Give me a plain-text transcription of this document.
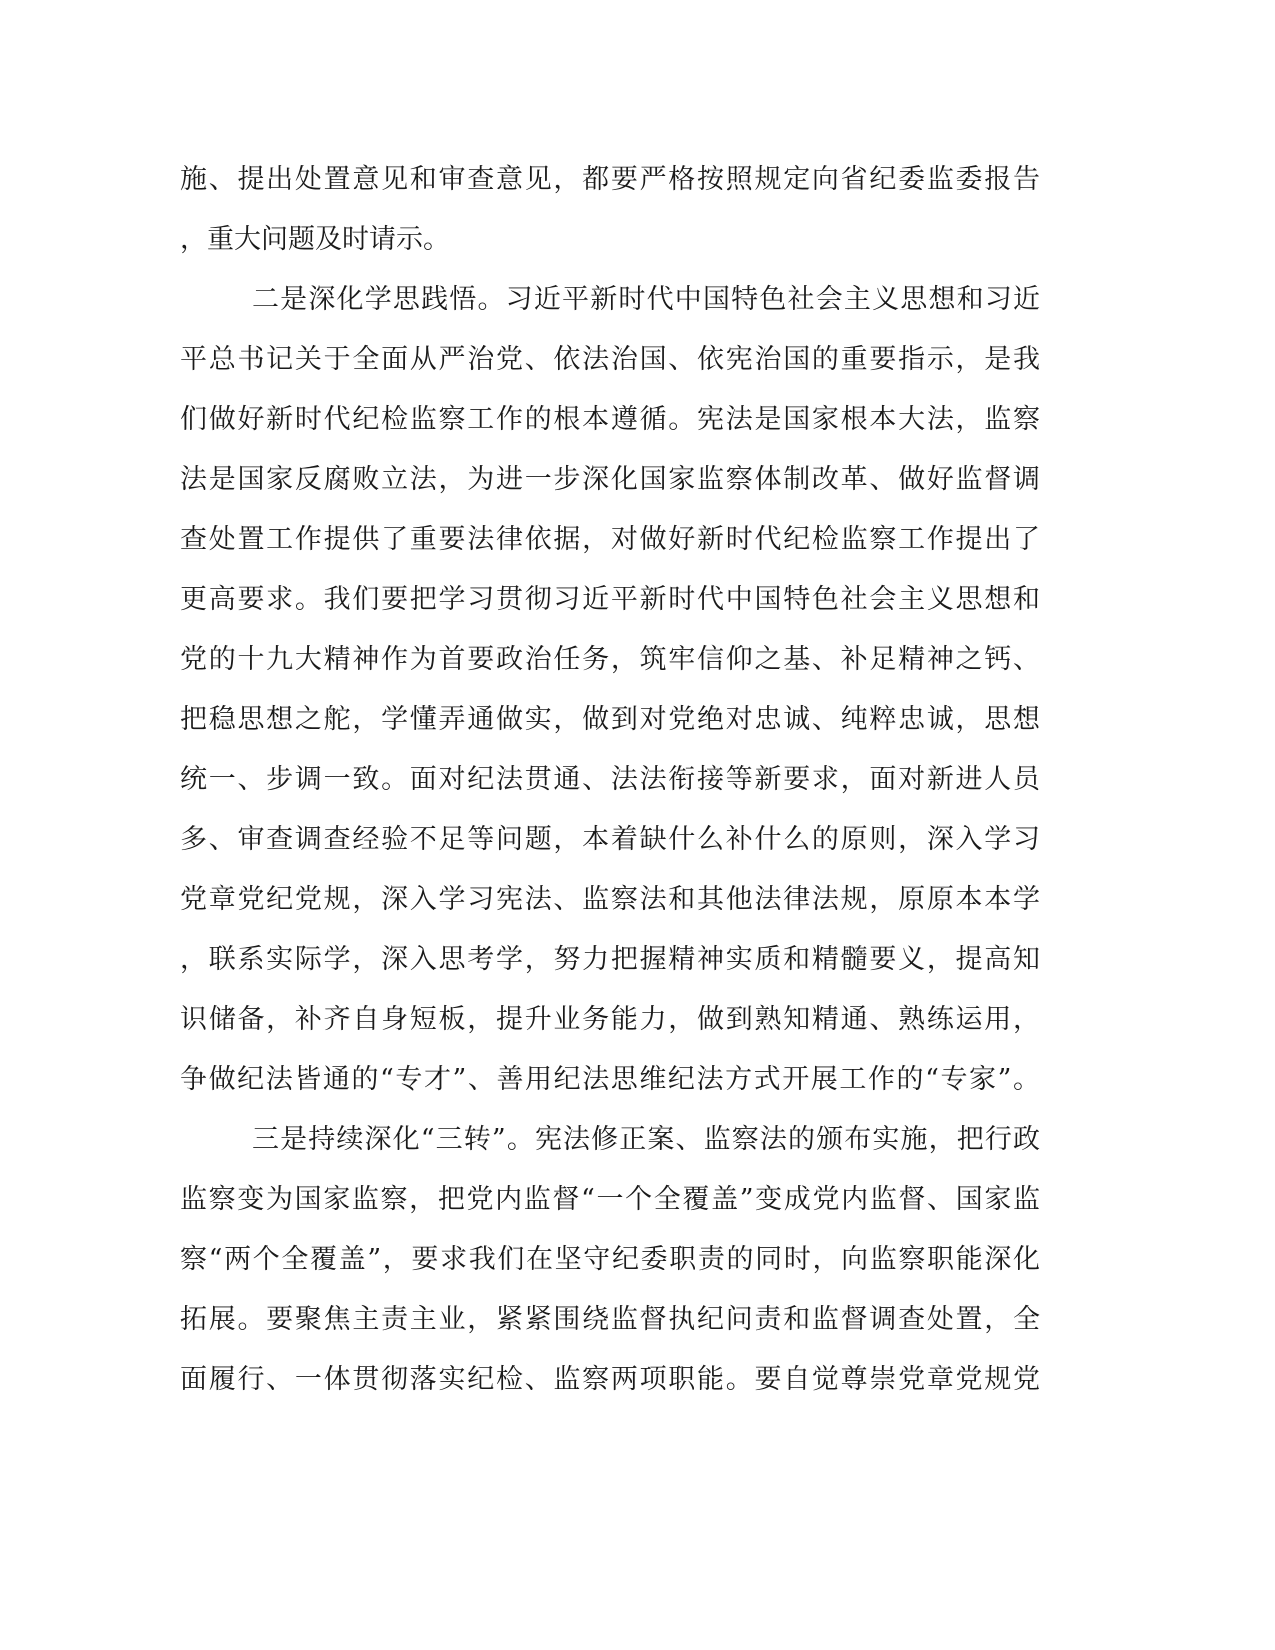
施、提出处置意见和审查意见，都要严格按照规定向省纪委监委报告
，重大问题及时请示。
二是深化学思践悟。习近平新时代中国特色社会主义思想和习近
平总书记关于全面从严治党、依法治国、依宪治国的重要指示，是我
们做好新时代纪检监察工作的根本遵循。宪法是国家根本大法，监察
法是国家反腐败立法，为进一步深化国家监察体制改革、做好监督调
查处置工作提供了重要法律依据，对做好新时代纪检监察工作提出了
更高要求。我们要把学习贯彻习近平新时代中国特色社会主义思想和
党的十九大精神作为首要政治任务，筑牢信仰之基、补足精神之钙、
把稳思想之舵，学懂弄通做实，做到对党绝对忠诚、纯粹忠诚，思想
统一、步调一致。面对纪法贯通、法法衔接等新要求，面对新进人员
多、审查调查经验不足等问题，本着缺什么补什么的原则，深入学习
党章党纪党规，深入学习宪法、监察法和其他法律法规，原原本本学
，联系实际学，深入思考学，努力把握精神实质和精髓要义，提高知
识储备，补齐自身短板，提升业务能力，做到熟知精通、熟练运用，
争做纪法皆通的“专才”、善用纪法思维纪法方式开展工作的“专家”。
三是持续深化“三转”。宪法修正案、监察法的颁布实施，把行政
监察变为国家监察，把党内监督“一个全覆盖”变成党内监督、国家监
察“两个全覆盖”，要求我们在坚守纪委职责的同时，向监察职能深化
拓展。要聚焦主责主业，紧紧围绕监督执纪问责和监督调查处置，全
面履行、一体贯彻落实纪检、监察两项职能。要自觉尊崇党章党规党
